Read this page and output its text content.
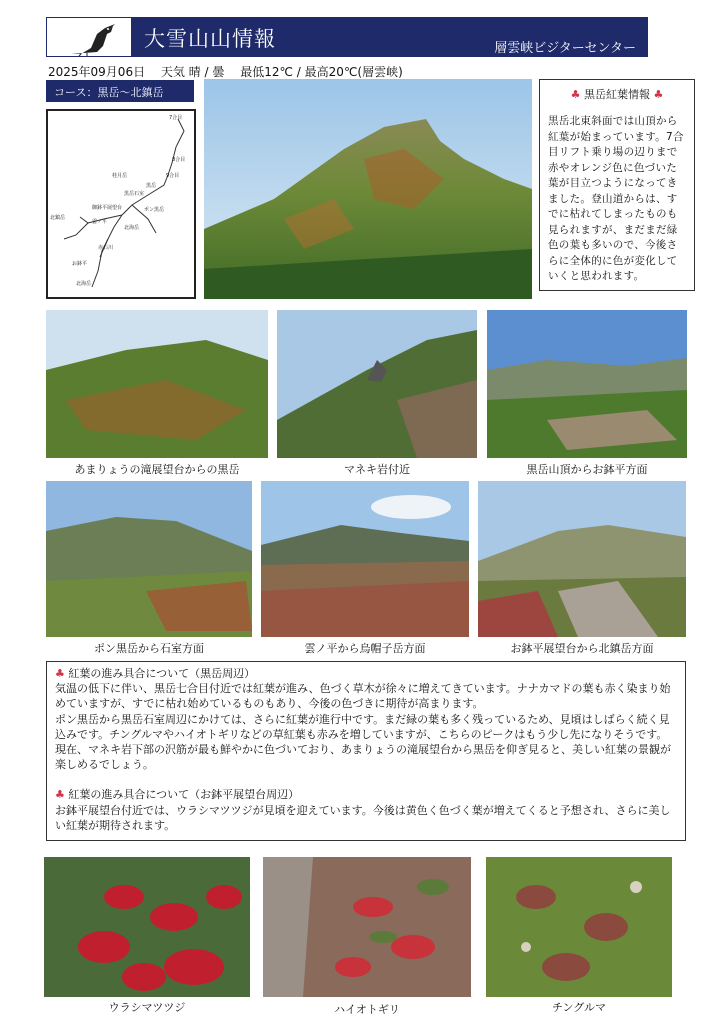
大雪山山情報	層雲峡ビジターセンター
2025年09月06日 天気 晴 / 曇 最低12℃ / 最高20℃(層雲峡)
コース：黒岳～北鎮岳
7合目
8合目
9合目
黒岳
桂月岳
黒岳石室
ポン黒岳
御鉢平展望台
北鎮岳
雲ノ平
北海岳
赤石川
お鉢平
北海岳
♣ 黒岳紅葉情報 ♣
黒岳北東斜面では山頂から紅葉が始まっています。7合目リフト乗り場の辺りまで赤やオレンジ色に色づいた葉が目立つようになってきました。登山道からは、すでに枯れてしまったものも見られますが、まだまだ緑色の葉も多いので、今後さらに全体的に色が変化していくと思われます。
あまりょうの滝展望台からの黒岳	マネキ岩付近	黒岳山頂からお鉢平方面
ポン黒岳から石室方面	雲ノ平から烏帽子岳方面	お鉢平展望台から北鎮岳方面

♣ 紅葉の進み具合について（黒岳周辺）

気温の低下に伴い、黒岳七合目付近では紅葉が進み、色づく草木が徐々に増えてきています。ナナカマドの葉も赤く染まり始めていますが、すでに枯れ始めているものもあり、今後の色づきに期待が高まります。

ポン黒岳から黒岳石室周辺にかけては、さらに紅葉が進行中です。まだ緑の葉も多く残っているため、見頃はしばらく続く見込みです。チングルマやハイオトギリなどの草紅葉も赤みを増していますが、こちらのピークはもう少し先になりそうです。

現在、マネキ岩下部の沢筋が最も鮮やかに色づいており、あまりょうの滝展望台から黒岳を仰ぎ見ると、美しい紅葉の景観が楽しめるでしょう。

♣ 紅葉の進み具合について（お鉢平展望台周辺）

お鉢平展望台付近では、ウラシマツツジが見頃を迎えています。今後は黄色く色づく葉が増えてくると予想され、さらに美しい紅葉が期待されます。

ウラシマツツジ	ハイオトギリ	チングルマ
